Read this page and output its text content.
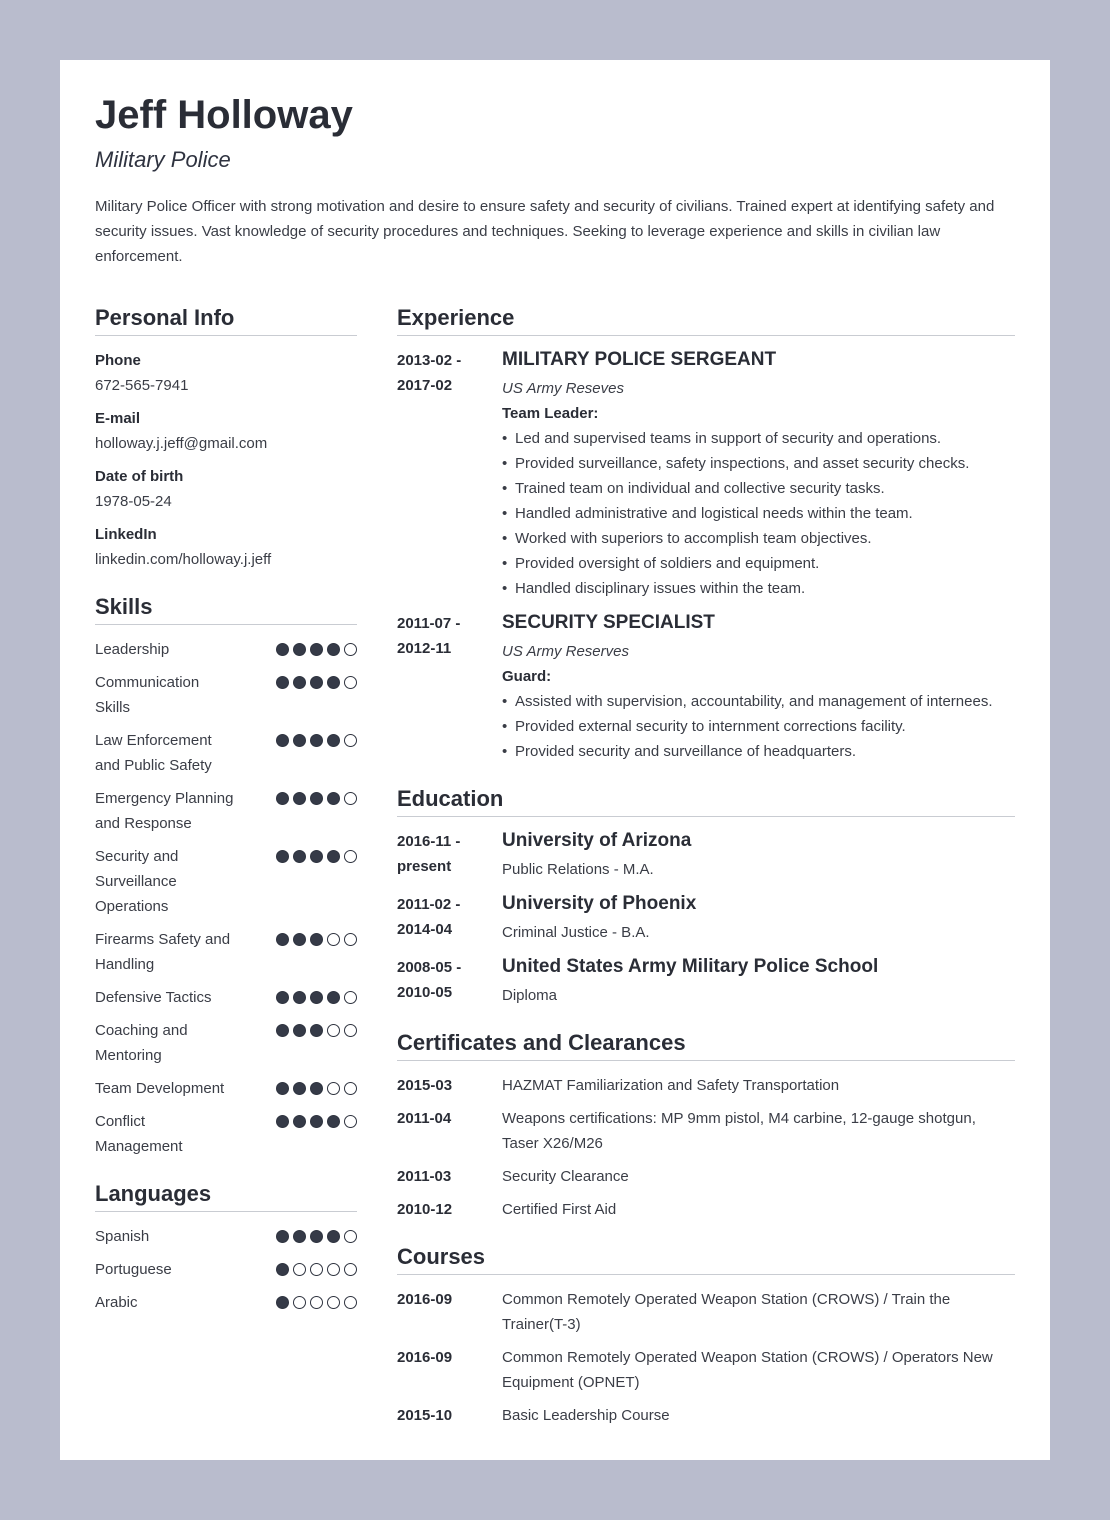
Jeff Holloway
Military Police
Military Police Officer with strong motivation and desire to ensure safety and security of civilians. Trained expert at identifying safety and security issues. Vast knowledge of security procedures and techniques. Seeking to leverage experience and skills in civilian law enforcement.
Personal Info
Phone
672-565-7941
E-mail
holloway.j.jeff@gmail.com
Date of birth
1978-05-24
LinkedIn
linkedin.com/holloway.j.jeff
Skills
Leadership
Communication Skills
Law Enforcement and Public Safety
Emergency Planning and Response
Security and Surveillance Operations
Firearms Safety and Handling
Defensive Tactics
Coaching and Mentoring
Team Development
Conflict Management
Languages
Spanish
Portuguese
Arabic
Experience
2013-02 -
2017-02
MILITARY POLICE SERGEANT
US Army Reseves
Team Leader:
• Led and supervised teams in support of security and operations.
• Provided surveillance, safety inspections, and asset security checks.
• Trained team on individual and collective security tasks.
• Handled administrative and logistical needs within the team.
• Worked with superiors to accomplish team objectives.
• Provided oversight of soldiers and equipment.
• Handled disciplinary issues within the team.
2011-07 -
2012-11
SECURITY SPECIALIST
US Army Reserves
Guard:
• Assisted with supervision, accountability, and management of internees.
• Provided external security to internment corrections facility.
• Provided security and surveillance of headquarters.
Education
2016-11 -
present
University of Arizona
Public Relations - M.A.
2011-02 -
2014-04
University of Phoenix
Criminal Justice - B.A.
2008-05 -
2010-05
United States Army Military Police School
Diploma
Certificates and Clearances
2015-03	HAZMAT Familiarization and Safety Transportation
2011-04	Weapons certifications: MP 9mm pistol, M4 carbine, 12-gauge shotgun, Taser X26/M26
2011-03	Security Clearance
2010-12	Certified First Aid
Courses
2016-09	Common Remotely Operated Weapon Station (CROWS) / Train the Trainer(T-3)
2016-09	Common Remotely Operated Weapon Station (CROWS) / Operators New Equipment (OPNET)
2015-10	Basic Leadership Course
